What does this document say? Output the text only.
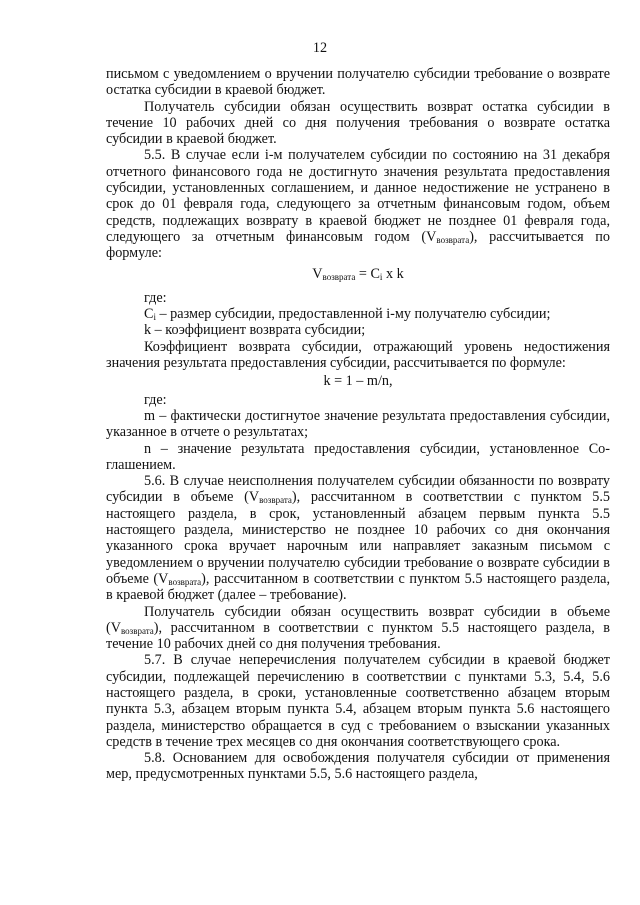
12

письмом с уведомлением о вручении получателю субсидии требование о возврате остатка субсидии в краевой бюджет.

Получатель субсидии обязан осуществить возврат остатка субсидии в течение 10 рабочих дней со дня получения требования о возврате остатка субсидии в краевой бюджет.

5.5. В случае если i-м получателем субсидии по состоянию на 31 декабря отчетного финансового года не достигнуто значения результата предоставления субсидии, установленных соглашением, и данное недостижение не устранено в срок до 01 февраля года, следующего за отчетным финансовым годом, объем средств, подлежащих возврату в краевой бюджет не позднее 01 февраля года, следующего за отчетным финансовым годом $(V_{возврата})$, рассчитывается по формуле:

$V_{возврата} = C_i$ x k

где:

$C_i$ – размер субсидии, предоставленной i-му получателю субсидии;

k – коэффициент возврата субсидии;

Коэффициент возврата субсидии, отражающий уровень недостижения значения результата предоставления субсидии, рассчитывается по формуле:

k = 1 – m/n,

где:

m – фактически достигнутое значение результата предоставления субсидии, указанное в отчете о результатах;

n – значение результата предоставления субсидии, установленное Соглашением.

5.6. В случае неисполнения получателем субсидии обязанности по возврату субсидии в объеме $(V_{возврата})$, рассчитанном в соответствии с пунктом 5.5 настоящего раздела, в срок, установленный абзацем первым пункта 5.5 настоящего раздела, министерство не позднее 10 рабочих со дня окончания указанного срока вручает нарочным или направляет заказным письмом с уведомлением о вручении получателю субсидии требование о возврате субсидии в объеме $(V_{возврата})$, рассчитанном в соответствии с пунктом 5.5 настоящего раздела, в краевой бюджет (далее – требование).

Получатель субсидии обязан осуществить возврат субсидии в объеме $(V_{возврата})$, рассчитанном в соответствии с пунктом 5.5 настоящего раздела, в течение 10 рабочих дней со дня получения требования.

5.7. В случае неперечисления получателем субсидии в краевой бюджет субсидии, подлежащей перечислению в соответствии с пунктами 5.3, 5.4, 5.6 настоящего раздела, в сроки, установленные соответственно абзацем вторым пункта 5.3, абзацем вторым пункта 5.4, абзацем вторым пункта 5.6 настоящего раздела, министерство обращается в суд с требованием о взыскании указанных средств в течение трех месяцев со дня окончания соответствующего срока.

5.8. Основанием для освобождения получателя субсидии от применения мер, предусмотренных пунктами 5.5, 5.6 настоящего раздела,
